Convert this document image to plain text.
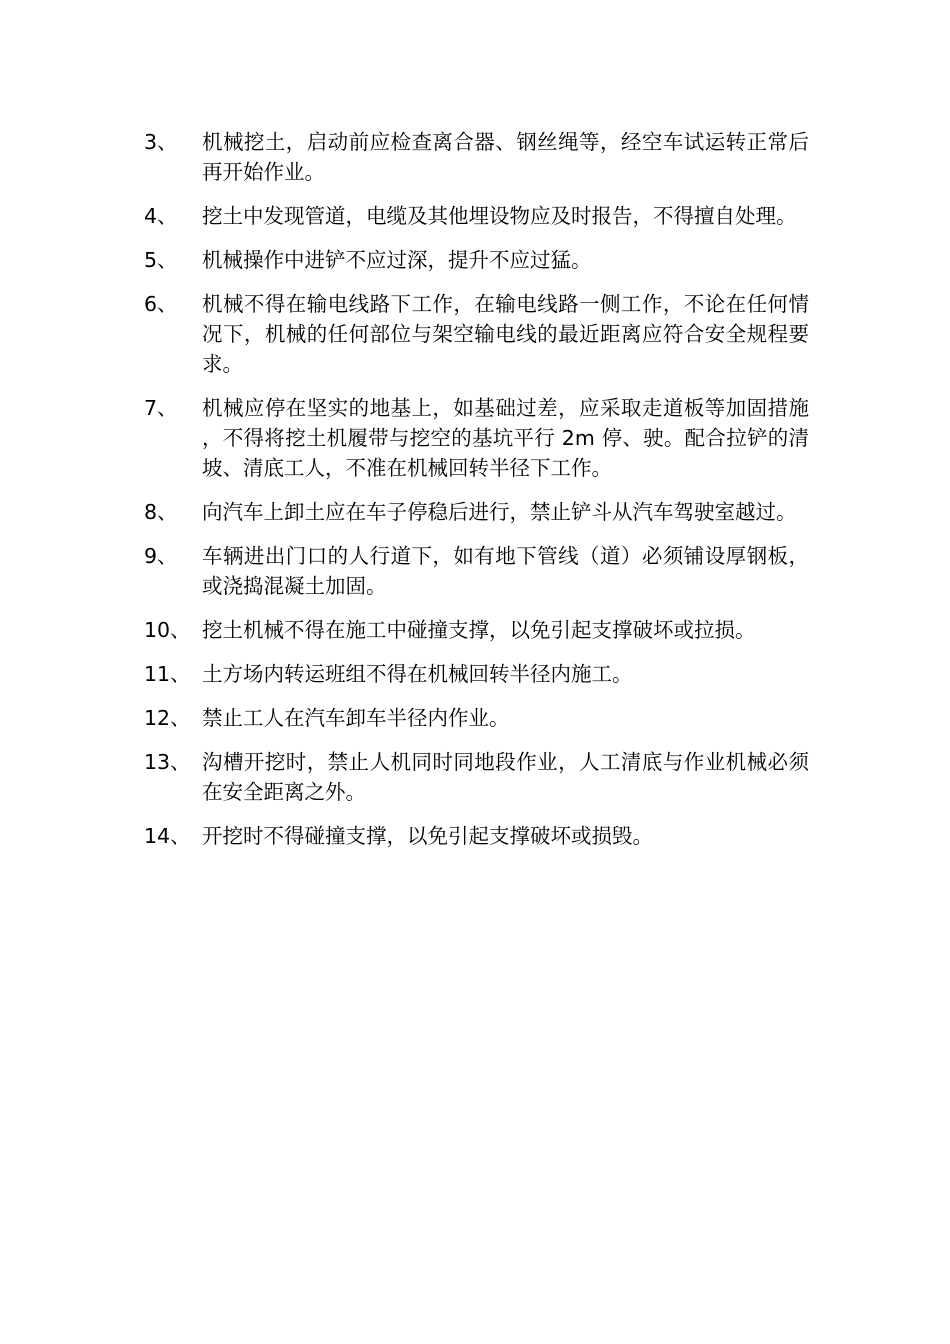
3、	机械挖土，启动前应检查离合器、钢丝绳等，经空车试运转正常后再开始作业。
4、	挖土中发现管道，电缆及其他埋设物应及时报告，不得擅自处理。
5、	机械操作中进铲不应过深，提升不应过猛。
6、	机械不得在输电线路下工作，在输电线路一侧工作，不论在任何情况下，机械的任何部位与架空输电线的最近距离应符合安全规程要求。
7、	机械应停在坚实的地基上，如基础过差，应采取走道板等加固措施，不得将挖土机履带与挖空的基坑平行 2m 停、驶。配合拉铲的清坡、清底工人，不准在机械回转半径下工作。
8、	向汽车上卸土应在车子停稳后进行，禁止铲斗从汽车驾驶室越过。
9、	车辆进出门口的人行道下，如有地下管线（道）必须铺设厚钢板，或浇捣混凝土加固。
10、 挖土机械不得在施工中碰撞支撑，以免引起支撑破坏或拉损。
11、 土方场内转运班组不得在机械回转半径内施工。
12、 禁止工人在汽车卸车半径内作业。
13、 沟槽开挖时，禁止人机同时同地段作业，人工清底与作业机械必须在安全距离之外。
14、 开挖时不得碰撞支撑，以免引起支撑破坏或损毁。
